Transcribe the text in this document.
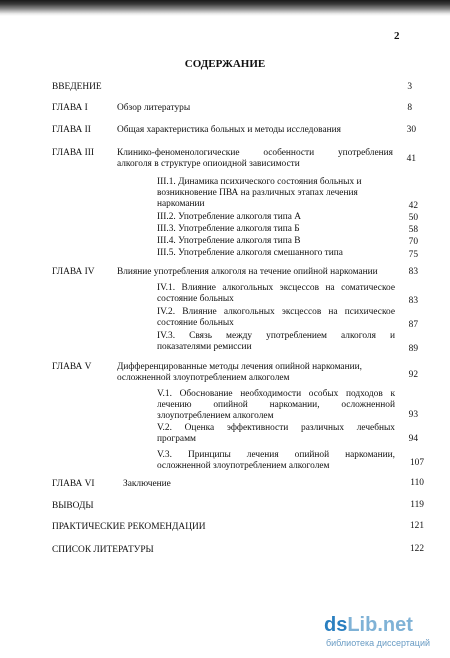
2
СОДЕРЖАНИЕ
ВВЕДЕНИЕ	3
ГЛАВА I	Обзор литературы	8
ГЛАВА II	Общая характеристика больных и методы исследования	30
ГЛАВА III Клинико-феноменологические особенности употребления
алкоголя в структуре опиоидной зависимости	41
III.1. Динамика психического состояния больных и
возникновение ПВА на различных этапах лечения
наркомании	42
III.2. Употребление алкоголя типа А	50
III.3. Употребление алкоголя типа Б	58
III.4. Употребление алкоголя типа В	70
III.5. Употребление алкоголя смешанного типа	75
ГЛАВА IV Влияние употребления алкоголя на течение опийной наркомании	83
IV.1. Влияние алкогольных эксцессов на соматическое
состояние больных	83
IV.2. Влияние алкогольных эксцессов на психическое
состояние больных	87
IV.3. Связь между употреблением алкоголя и
показателями ремиссии	89
ГЛАВА V	Дифференцированные методы лечения опийной наркомании,
осложненной злоупотреблением алкоголем	92
V.1. Обоснование необходимости особых подходов к
лечению опийной наркомании, осложненной
злоупотреблением алкоголем	93
V.2. Оценка эффективности различных лечебных
программ	94
V.3. Принципы лечения опийной наркомании,
осложненной злоупотреблением алкоголем	107
ГЛАВА VI	Заключение	110
ВЫВОДЫ	119
ПРАКТИЧЕСКИЕ РЕКОМЕНДАЦИИ	121
СПИСОК ЛИТЕРАТУРЫ	122
dsLib.net
библиотека диссертаций
